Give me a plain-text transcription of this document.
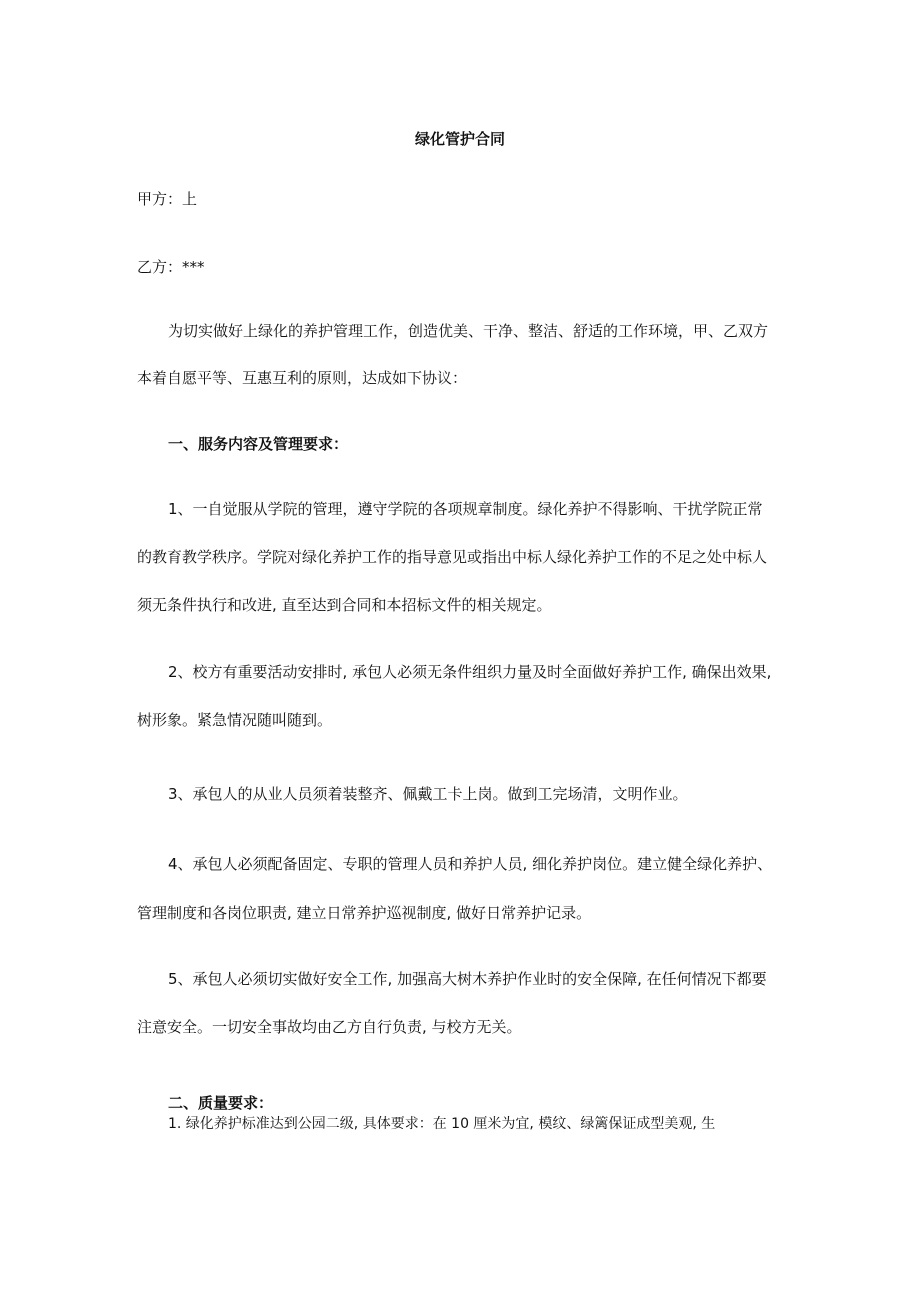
绿化管护合同
甲方：上
乙方：***
为切实做好上绿化的养护管理工作，创造优美、干净、整洁、舒适的工作环境，甲、乙双方
本着自愿平等、互惠互利的原则，达成如下协议：
一、服务内容及管理要求：
1、一自觉服从学院的管理，遵守学院的各项规章制度。绿化养护不得影响、干扰学院正常
的教育教学秩序。学院对绿化养护工作的指导意见或指出中标人绿化养护工作的不足之处中标人
须无条件执行和改进, 直至达到合同和本招标文件的相关规定。
2、校方有重要活动安排时, 承包人必须无条件组织力量及时全面做好养护工作, 确保出效果,
树形象。紧急情况随叫随到。
3、承包人的从业人员须着装整齐、佩戴工卡上岗。做到工完场清，文明作业。
4、承包人必须配备固定、专职的管理人员和养护人员, 细化养护岗位。建立健全绿化养护、
管理制度和各岗位职责, 建立日常养护巡视制度, 做好日常养护记录。
5、承包人必须切实做好安全工作, 加强高大树木养护作业时的安全保障, 在任何情况下都要
注意安全。一切安全事故均由乙方自行负责, 与校方无关。
二、质量要求：
1. 绿化养护标准达到公园二级, 具体要求：在 10 厘米为宜, 模纹、绿篱保证成型美观, 生
